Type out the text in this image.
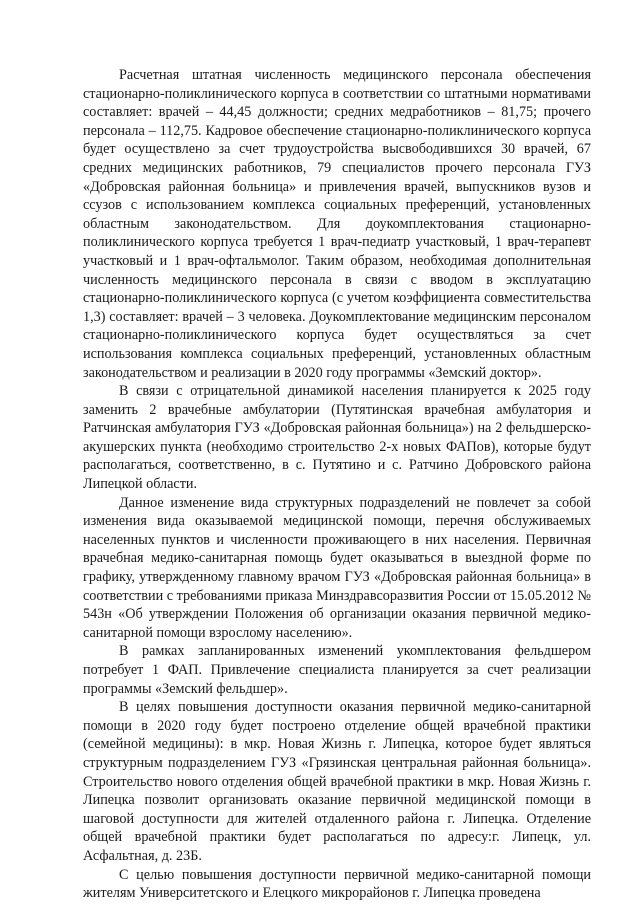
Расчетная штатная численность медицинского персонала обеспечения стационарно-поликлинического корпуса в соответствии со штатными нормативами составляет: врачей – 44,45 должности; средних медработников – 81,75; прочего персонала – 112,75. Кадровое обеспечение стационарно-поликлинического корпуса будет осуществлено за счет трудоустройства высвободившихся 30 врачей, 67 средних медицинских работников, 79 специалистов прочего персонала ГУЗ «Добровская районная больница» и привлечения врачей, выпускников вузов и ссузов с использованием комплекса социальных преференций, установленных областным законодательством. Для доукомплектования стационарно-поликлинического корпуса требуется 1 врач-педиатр участковый, 1 врач-терапевт участковый и 1 врач-офтальмолог. Таким образом, необходимая дополнительная численность медицинского персонала в связи с вводом в эксплуатацию стационарно-поликлинического корпуса (с учетом коэффициента совместительства 1,3) составляет: врачей – 3 человека. Доукомплектование медицинским персоналом стационарно-поликлинического корпуса будет осуществляться за счет использования комплекса социальных преференций, установленных областным законодательством и реализации в 2020 году программы «Земский доктор».

В связи с отрицательной динамикой населения планируется к 2025 году заменить 2 врачебные амбулатории (Путятинская врачебная амбулатория и Ратчинская амбулатория ГУЗ «Добровская районная больница») на 2 фельдшерско-акушерских пункта (необходимо строительство 2-х новых ФАПов), которые будут располагаться, соответственно, в с. Путятино и с. Ратчино Добровского района Липецкой области.

Данное изменение вида структурных подразделений не повлечет за собой изменения вида оказываемой медицинской помощи, перечня обслуживаемых населенных пунктов и численности проживающего в них населения. Первичная врачебная медико-санитарная помощь будет оказываться в выездной форме по графику, утвержденному главному врачом ГУЗ «Добровская районная больница» в соответствии с требованиями приказа Минздравсоразвития России от 15.05.2012 № 543н «Об утверждении Положения об организации оказания первичной медико-санитарной помощи взрослому населению».

В рамках запланированных изменений укомплектования фельдшером потребует 1 ФАП. Привлечение специалиста планируется за счет реализации программы «Земский фельдшер».

В целях повышения доступности оказания первичной медико-санитарной помощи в 2020 году будет построено отделение общей врачебной практики (семейной медицины): в мкр. Новая Жизнь г. Липецка, которое будет являться структурным подразделением ГУЗ «Грязинская центральная районная больница». Строительство нового отделения общей врачебной практики в мкр. Новая Жизнь г. Липецка позволит организовать оказание первичной медицинской помощи в шаговой доступности для жителей отдаленного района г. Липецка. Отделение общей врачебной практики будет располагаться по адресу:г. Липецк, ул. Асфальтная, д. 23Б.

С целью повышения доступности первичной медико-санитарной помощи жителям Университетского и Елецкого микрорайонов г. Липецка проведена
